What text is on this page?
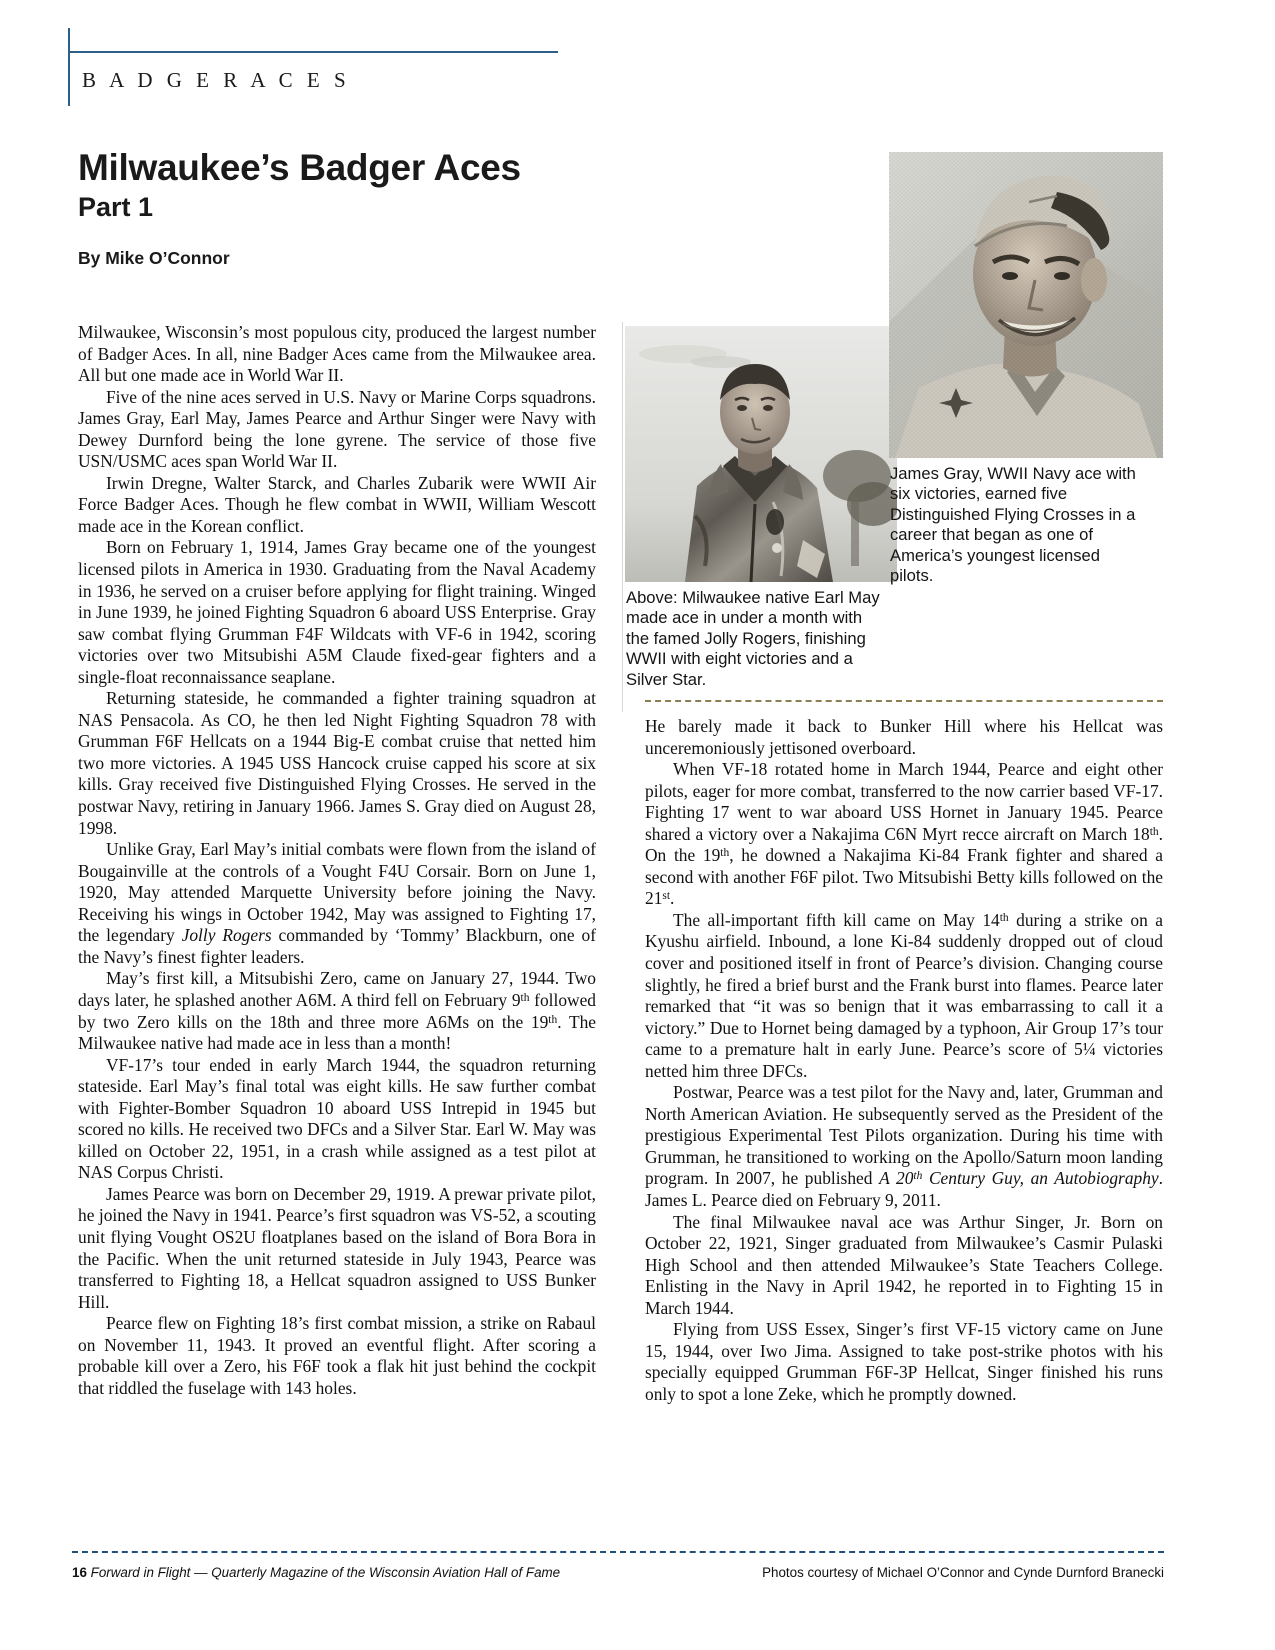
B A D G E R A C E S
Milwaukee’s Badger Aces
Part 1
By Mike O’Connor
Above: Milwaukee native Earl May made ace in under a month with the famed Jolly Rogers, finishing WWII with eight victories and a Silver Star.
James Gray, WWII Navy ace with six victories, earned five Distinguished Flying Crosses in a career that began as one of America’s youngest licensed pilots.

Milwaukee, Wisconsin’s most populous city, produced the largest number of Badger Aces. In all, nine Badger Aces came from the Milwaukee area. All but one made ace in World War II.

Five of the nine aces served in U.S. Navy or Marine Corps squadrons. James Gray, Earl May, James Pearce and Arthur Singer were Navy with Dewey Durnford being the lone gyrene. The service of those five USN/USMC aces span World War II.

Irwin Dregne, Walter Starck, and Charles Zubarik were WWII Air Force Badger Aces. Though he flew combat in WWII, William Wescott made ace in the Korean conflict.

Born on February 1, 1914, James Gray became one of the youngest licensed pilots in America in 1930. Graduating from the Naval Academy in 1936, he served on a cruiser before applying for flight training. Winged in June 1939, he joined Fighting Squadron 6 aboard USS Enterprise. Gray saw combat flying Grumman F4F Wildcats with VF-6 in 1942, scoring victories over two Mitsubishi A5M Claude fixed-gear fighters and a single-float reconnaissance seaplane.

Returning stateside, he commanded a fighter training squadron at NAS Pensacola. As CO, he then led Night Fighting Squadron 78 with Grumman F6F Hellcats on a 1944 Big-E combat cruise that netted him two more victories. A 1945 USS Hancock cruise capped his score at six kills. Gray received five Distinguished Flying Crosses. He served in the postwar Navy, retiring in January 1966. James S. Gray died on August 28, 1998.

Unlike Gray, Earl May’s initial combats were flown from the island of Bougainville at the controls of a Vought F4U Corsair. Born on June 1, 1920, May attended Marquette University before joining the Navy. Receiving his wings in October 1942, May was assigned to Fighting 17, the legendary Jolly Rogers commanded by ‘Tommy’ Blackburn, one of the Navy’s finest fighter leaders.

May’s first kill, a Mitsubishi Zero, came on January 27, 1944. Two days later, he splashed another A6M. A third fell on February 9th followed by two Zero kills on the 18th and three more A6Ms on the 19th. The Milwaukee native had made ace in less than a month!

VF-17’s tour ended in early March 1944, the squadron returning stateside. Earl May’s final total was eight kills. He saw further combat with Fighter-Bomber Squadron 10 aboard USS Intrepid in 1945 but scored no kills. He received two DFCs and a Silver Star. Earl W. May was killed on October 22, 1951, in a crash while assigned as a test pilot at NAS Corpus Christi.

James Pearce was born on December 29, 1919. A prewar private pilot, he joined the Navy in 1941. Pearce’s first squadron was VS-52, a scouting unit flying Vought OS2U floatplanes based on the island of Bora Bora in the Pacific. When the unit returned stateside in July 1943, Pearce was transferred to Fighting 18, a Hellcat squadron assigned to USS Bunker Hill.

Pearce flew on Fighting 18’s first combat mission, a strike on Rabaul on November 11, 1943. It proved an eventful flight. After scoring a probable kill over a Zero, his F6F took a flak hit just behind the cockpit that riddled the fuselage with 143 holes.

He barely made it back to Bunker Hill where his Hellcat was unceremoniously jettisoned overboard.

When VF-18 rotated home in March 1944, Pearce and eight other pilots, eager for more combat, transferred to the now carrier based VF-17. Fighting 17 went to war aboard USS Hornet in January 1945. Pearce shared a victory over a Nakajima C6N Myrt recce aircraft on March 18th. On the 19th, he downed a Nakajima Ki-84 Frank fighter and shared a second with another F6F pilot. Two Mitsubishi Betty kills followed on the 21st.

The all-important fifth kill came on May 14th during a strike on a Kyushu airfield. Inbound, a lone Ki-84 suddenly dropped out of cloud cover and positioned itself in front of Pearce’s division. Changing course slightly, he fired a brief burst and the Frank burst into flames. Pearce later remarked that “it was so benign that it was embarrassing to call it a victory.” Due to Hornet being damaged by a typhoon, Air Group 17’s tour came to a premature halt in early June. Pearce’s score of 5¼ victories netted him three DFCs.

Postwar, Pearce was a test pilot for the Navy and, later, Grumman and North American Aviation. He subsequently served as the President of the prestigious Experimental Test Pilots organization. During his time with Grumman, he transitioned to working on the Apollo/Saturn moon landing program. In 2007, he published A 20th Century Guy, an Autobiography. James L. Pearce died on February 9, 2011.

The final Milwaukee naval ace was Arthur Singer, Jr. Born on October 22, 1921, Singer graduated from Milwaukee’s Casmir Pulaski High School and then attended Milwaukee’s State Teachers College. Enlisting in the Navy in April 1942, he reported in to Fighting 15 in March 1944.

Flying from USS Essex, Singer’s first VF-15 victory came on June 15, 1944, over Iwo Jima. Assigned to take post-strike photos with his specially equipped Grumman F6F-3P Hellcat, Singer finished his runs only to spot a lone Zeke, which he promptly downed.

16 Forward in Flight — Quarterly Magazine of the Wisconsin Aviation Hall of Fame	Photos courtesy of Michael O’Connor and Cynde Durnford Branecki
